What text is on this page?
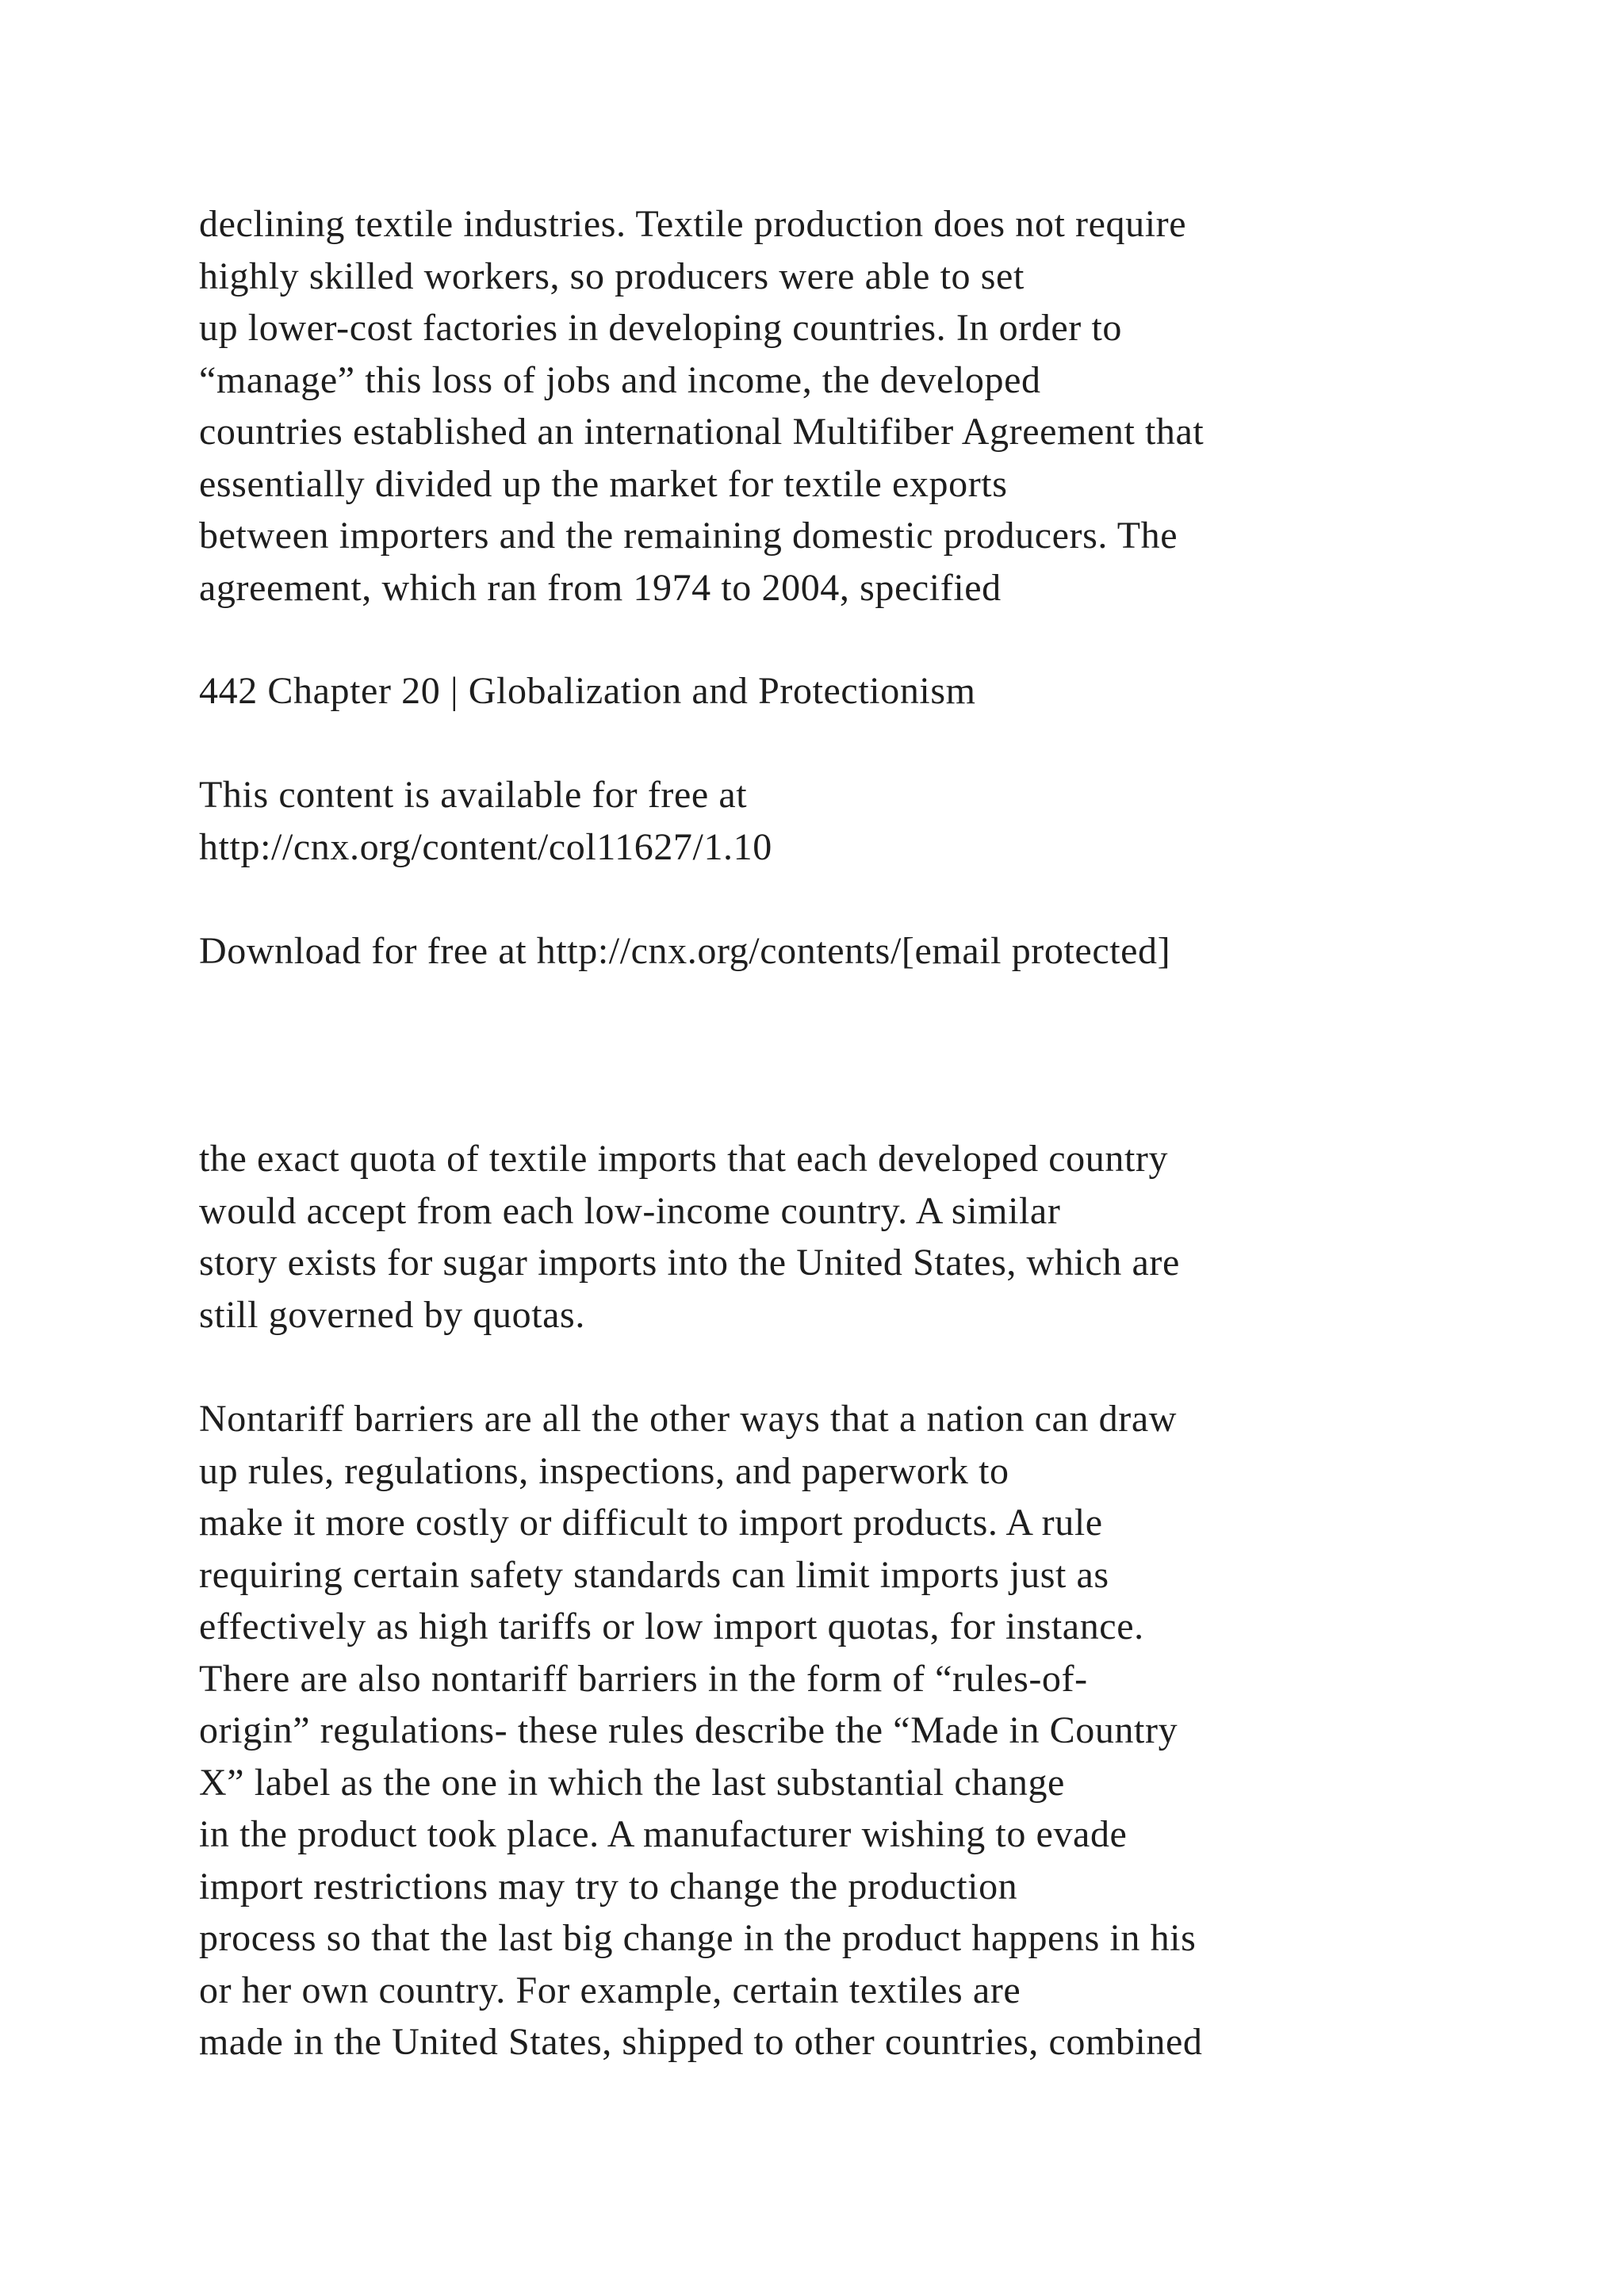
declining textile industries. Textile production does not require
highly skilled workers, so producers were able to set
up lower-cost factories in developing countries. In order to
“manage” this loss of jobs and income, the developed
countries established an international Multifiber Agreement that
essentially divided up the market for textile exports
between importers and the remaining domestic producers. The
agreement, which ran from 1974 to 2004, specified
442 Chapter 20 | Globalization and Protectionism
This content is available for free at
http://cnx.org/content/col11627/1.10
Download for free at http://cnx.org/contents/[email protected]
the exact quota of textile imports that each developed country
would accept from each low-income country. A similar
story exists for sugar imports into the United States, which are
still governed by quotas.
Nontariff barriers are all the other ways that a nation can draw
up rules, regulations, inspections, and paperwork to
make it more costly or difficult to import products. A rule
requiring certain safety standards can limit imports just as
effectively as high tariffs or low import quotas, for instance.
There are also nontariff barriers in the form of “rules-of-
origin” regulations- these rules describe the “Made in Country
X” label as the one in which the last substantial change
in the product took place. A manufacturer wishing to evade
import restrictions may try to change the production
process so that the last big change in the product happens in his
or her own country. For example, certain textiles are
made in the United States, shipped to other countries, combined
